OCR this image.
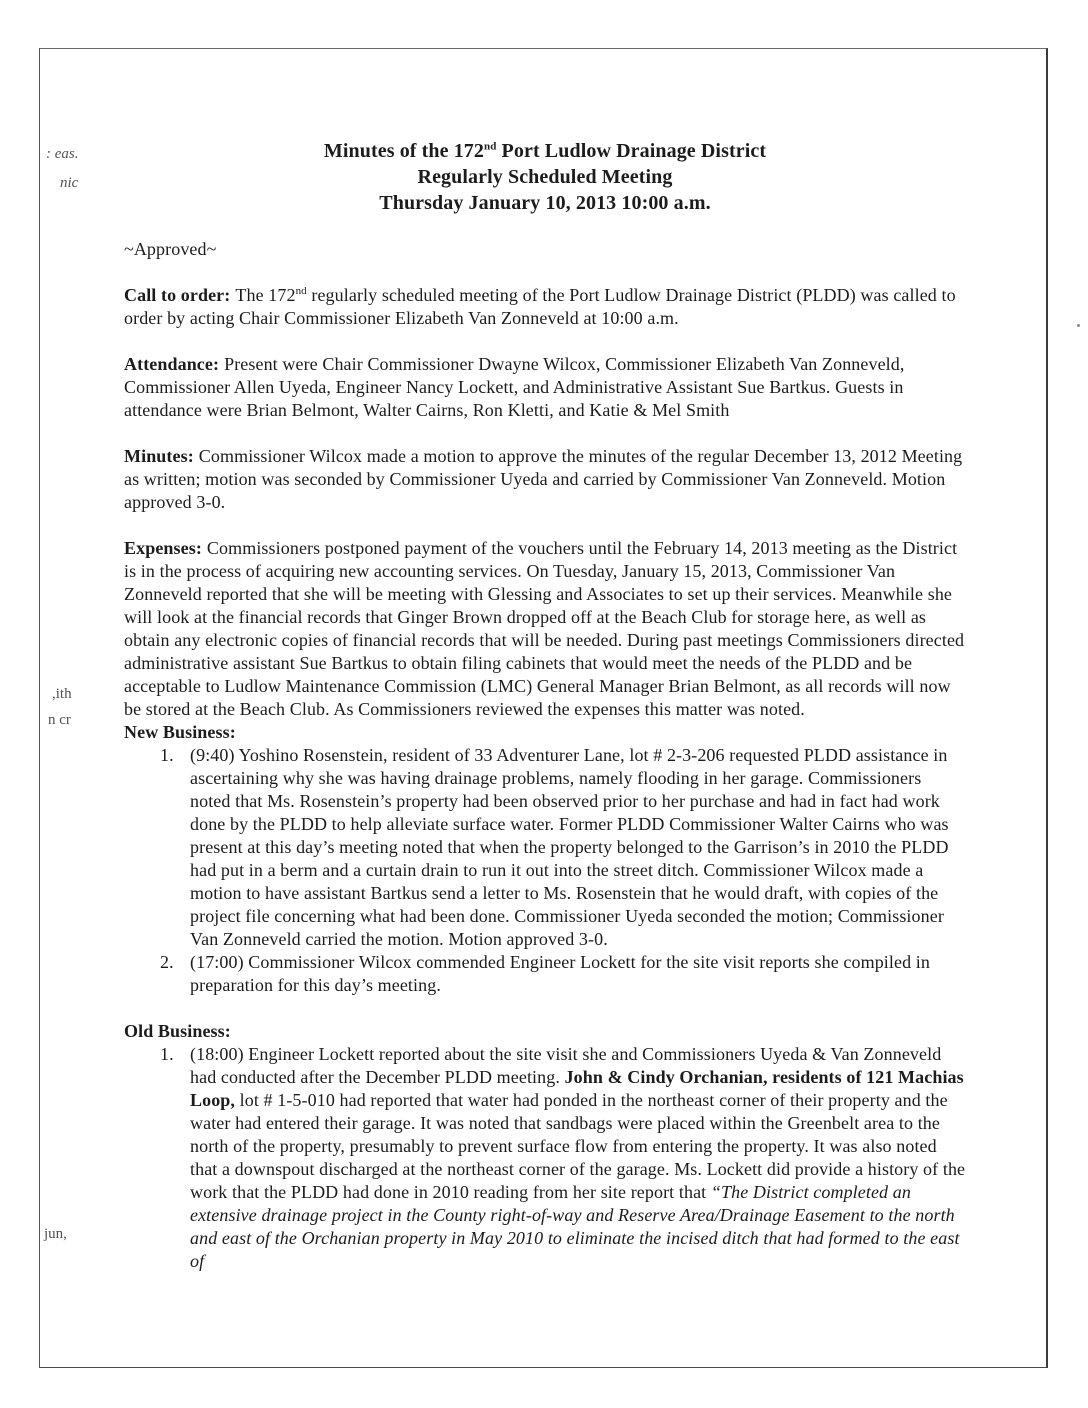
: eas.
nic
,ith
n cr
jun,
Minutes of the 172nd Port Ludlow Drainage District
Regularly Scheduled Meeting
Thursday January 10, 2013 10:00 a.m.

~Approved~

Call to order: The 172nd regularly scheduled meeting of the Port Ludlow Drainage District (PLDD) was called to order by acting Chair Commissioner Elizabeth Van Zonneveld at 10:00 a.m.

Attendance: Present were Chair Commissioner Dwayne Wilcox, Commissioner Elizabeth Van Zonneveld, Commissioner Allen Uyeda, Engineer Nancy Lockett, and Administrative Assistant Sue Bartkus. Guests in attendance were Brian Belmont, Walter Cairns, Ron Kletti, and Katie & Mel Smith

Minutes: Commissioner Wilcox made a motion to approve the minutes of the regular December 13, 2012 Meeting as written; motion was seconded by Commissioner Uyeda and carried by Commissioner Van Zonneveld. Motion approved 3-0.

Expenses: Commissioners postponed payment of the vouchers until the February 14, 2013 meeting as the District is in the process of acquiring new accounting services. On Tuesday, January 15, 2013, Commissioner Van Zonneveld reported that she will be meeting with Glessing and Associates to set up their services. Meanwhile she will look at the financial records that Ginger Brown dropped off at the Beach Club for storage here, as well as obtain any electronic copies of financial records that will be needed. During past meetings Commissioners directed administrative assistant Sue Bartkus to obtain filing cabinets that would meet the needs of the PLDD and be acceptable to Ludlow Maintenance Commission (LMC) General Manager Brian Belmont, as all records will now be stored at the Beach Club. As Commissioners reviewed the expenses this matter was noted.

New Business:
1. (9:40) Yoshino Rosenstein, resident of 33 Adventurer Lane, lot # 2-3-206 requested PLDD assistance in ascertaining why she was having drainage problems, namely flooding in her garage. Commissioners noted that Ms. Rosenstein’s property had been observed prior to her purchase and had in fact had work done by the PLDD to help alleviate surface water. Former PLDD Commissioner Walter Cairns who was present at this day’s meeting noted that when the property belonged to the Garrison’s in 2010 the PLDD had put in a berm and a curtain drain to run it out into the street ditch. Commissioner Wilcox made a motion to have assistant Bartkus send a letter to Ms. Rosenstein that he would draft, with copies of the project file concerning what had been done. Commissioner Uyeda seconded the motion; Commissioner Van Zonneveld carried the motion. Motion approved 3-0.
2. (17:00) Commissioner Wilcox commended Engineer Lockett for the site visit reports she compiled in preparation for this day’s meeting.
Old Business:
1. (18:00) Engineer Lockett reported about the site visit she and Commissioners Uyeda & Van Zonneveld had conducted after the December PLDD meeting. John & Cindy Orchanian, residents of 121 Machias Loop, lot # 1-5-010 had reported that water had ponded in the northeast corner of their property and the water had entered their garage. It was noted that sandbags were placed within the Greenbelt area to the north of the property, presumably to prevent surface flow from entering the property. It was also noted that a downspout discharged at the northeast corner of the garage. Ms. Lockett did provide a history of the work that the PLDD had done in 2010 reading from her site report that “The District completed an extensive drainage project in the County right-of-way and Reserve Area/Drainage Easement to the north and east of the Orchanian property in May 2010 to eliminate the incised ditch that had formed to the east of
